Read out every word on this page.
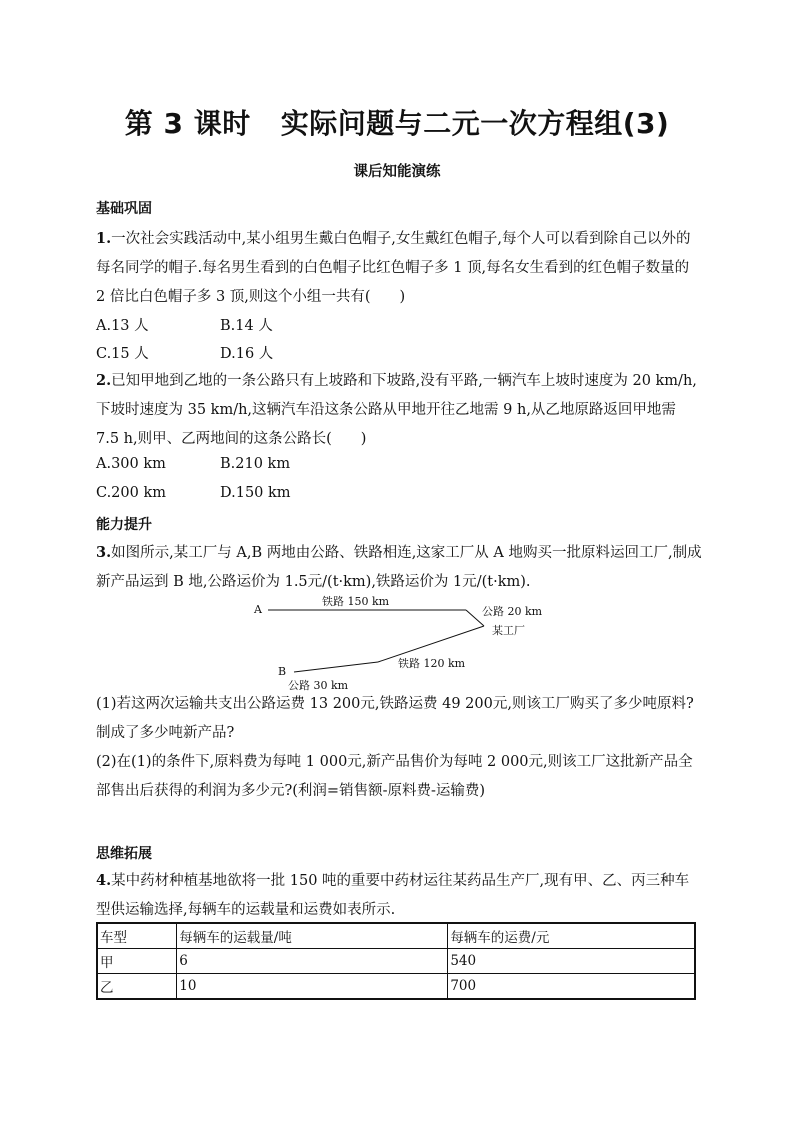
第 3 课时 实际问题与二元一次方程组(3)
课后知能演练
基础巩固
1.一次社会实践活动中,某小组男生戴白色帽子,女生戴红色帽子,每个人可以看到除自己以外的每名同学的帽子.每名男生看到的白色帽子比红色帽子多 1 顶,每名女生看到的红色帽子数量的 2 倍比白色帽子多 3 顶,则这个小组一共有(　　)
A.13 人	B.14 人
C.15 人	D.16 人
2.已知甲地到乙地的一条公路只有上坡路和下坡路,没有平路,一辆汽车上坡时速度为 20 km/h,下坡时速度为 35 km/h,这辆汽车沿这条公路从甲地开往乙地需 9 h,从乙地原路返回甲地需 7.5 h,则甲、乙两地间的这条公路长(　　)
A.300 km	B.210 km
C.200 km	D.150 km
能力提升
3.如图所示,某工厂与 A,B 两地由公路、铁路相连,这家工厂从 A 地购买一批原料运回工厂,制成新产品运到 B 地,公路运价为 1.5元/(t·km),铁路运价为 1元/(t·km).
A
B
铁路 150 km
公路 20 km
某工厂
铁路 120 km
公路 30 km
(1)若这两次运输共支出公路运费 13 200元,铁路运费 49 200元,则该工厂购买了多少吨原料?制成了多少吨新产品?
(2)在(1)的条件下,原料费为每吨 1 000元,新产品售价为每吨 2 000元,则该工厂这批新产品全部售出后获得的利润为多少元?(利润=销售额-原料费-运输费)
思维拓展
4.某中药材种植基地欲将一批 150 吨的重要中药材运往某药品生产厂,现有甲、乙、丙三种车型供运输选择,每辆车的运载量和运费如表所示.
车型	每辆车的运载量/吨	每辆车的运费/元
甲	6	540
乙	10	700
